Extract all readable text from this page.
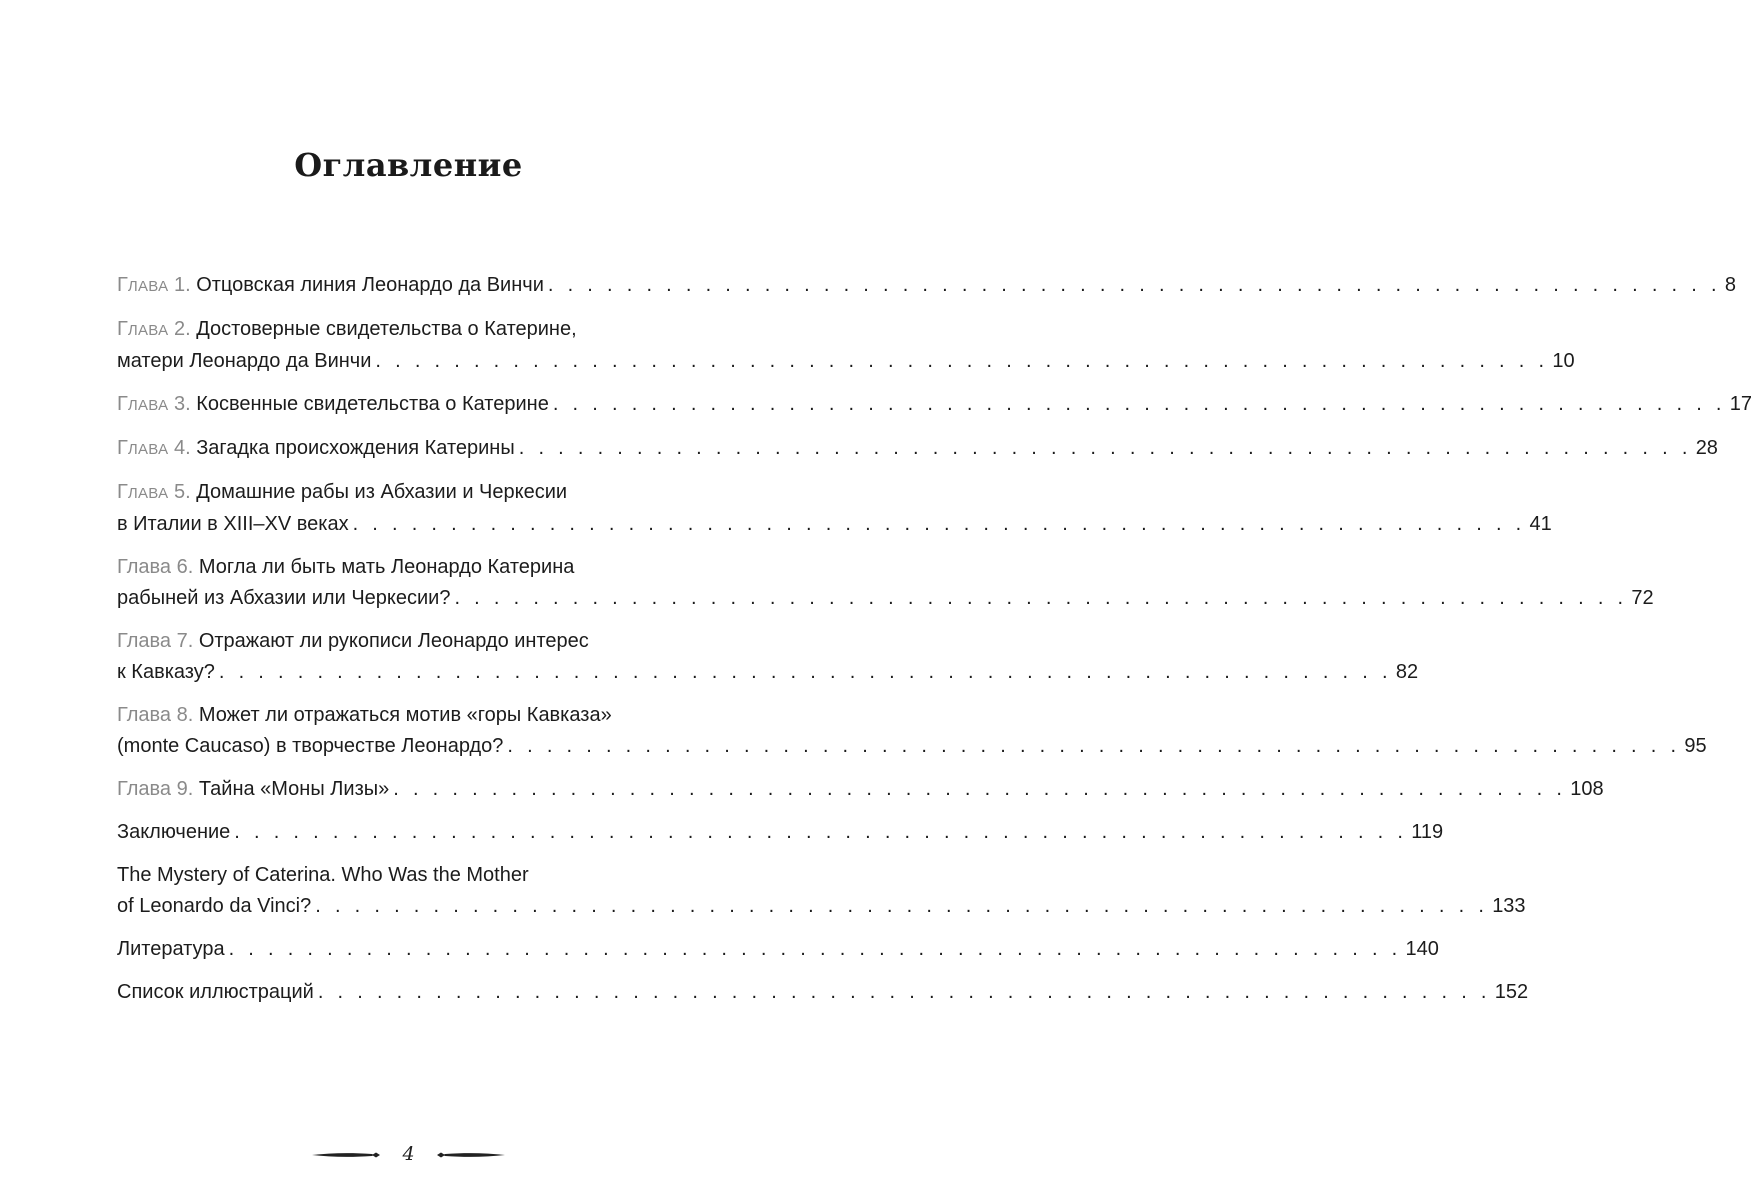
Оглавление
ГЛАВА 1. Отцовская линия Леонардо да Винчи . . . . . . . . . . . . . . . . . . . . . . . . . . . . . . . . . . . . . . . . . . . . . . . . . . . . . . . . . . . . 8
ГЛАВА 2. Достоверные свидетельства о Катерине,
матери Леонардо да Винчи . . . . . . . . . . . . . . . . . . . . . . . . . . . . . . . . . . . . . . . . . . . . . . . . . . . . . . . . . . . . 10
ГЛАВА 3. Косвенные свидетельства о Катерине . . . . . . . . . . . . . . . . . . . . . . . . . . . . . . . . . . . . . . . . . . . . . . . . . . . . . . . . . . . . 17
ГЛАВА 4. Загадка происхождения Катерины . . . . . . . . . . . . . . . . . . . . . . . . . . . . . . . . . . . . . . . . . . . . . . . . . . . . . . . . . . . . 28
ГЛАВА 5. Домашние рабы из Абхазии и Черкесии
в Италии в XIII–XV веках . . . . . . . . . . . . . . . . . . . . . . . . . . . . . . . . . . . . . . . . . . . . . . . . . . . . . . . . . . . . 41
Глава 6. Могла ли быть мать Леонардо Катерина
рабыней из Абхазии или Черкесии? . . . . . . . . . . . . . . . . . . . . . . . . . . . . . . . . . . . . . . . . . . . . . . . . . . . . . . . . . . . . 72
Глава 7. Отражают ли рукописи Леонардо интерес
к Кавказу? . . . . . . . . . . . . . . . . . . . . . . . . . . . . . . . . . . . . . . . . . . . . . . . . . . . . . . . . . . . . 82
Глава 8. Может ли отражаться мотив «горы Кавказа»
(monte Caucaso) в творчестве Леонардо? . . . . . . . . . . . . . . . . . . . . . . . . . . . . . . . . . . . . . . . . . . . . . . . . . . . . . . . . . . . . 95
Глава 9. Тайна «Моны Лизы» . . . . . . . . . . . . . . . . . . . . . . . . . . . . . . . . . . . . . . . . . . . . . . . . . . . . . . . . . . . . 108
Заключение . . . . . . . . . . . . . . . . . . . . . . . . . . . . . . . . . . . . . . . . . . . . . . . . . . . . . . . . . . . . 119
The Mystery of Caterina. Who Was the Mother
of Leonardo da Vinci? . . . . . . . . . . . . . . . . . . . . . . . . . . . . . . . . . . . . . . . . . . . . . . . . . . . . . . . . . . . . 133
Литература . . . . . . . . . . . . . . . . . . . . . . . . . . . . . . . . . . . . . . . . . . . . . . . . . . . . . . . . . . . . 140
Список иллюстраций . . . . . . . . . . . . . . . . . . . . . . . . . . . . . . . . . . . . . . . . . . . . . . . . . . . . . . . . . . . . 152
4
